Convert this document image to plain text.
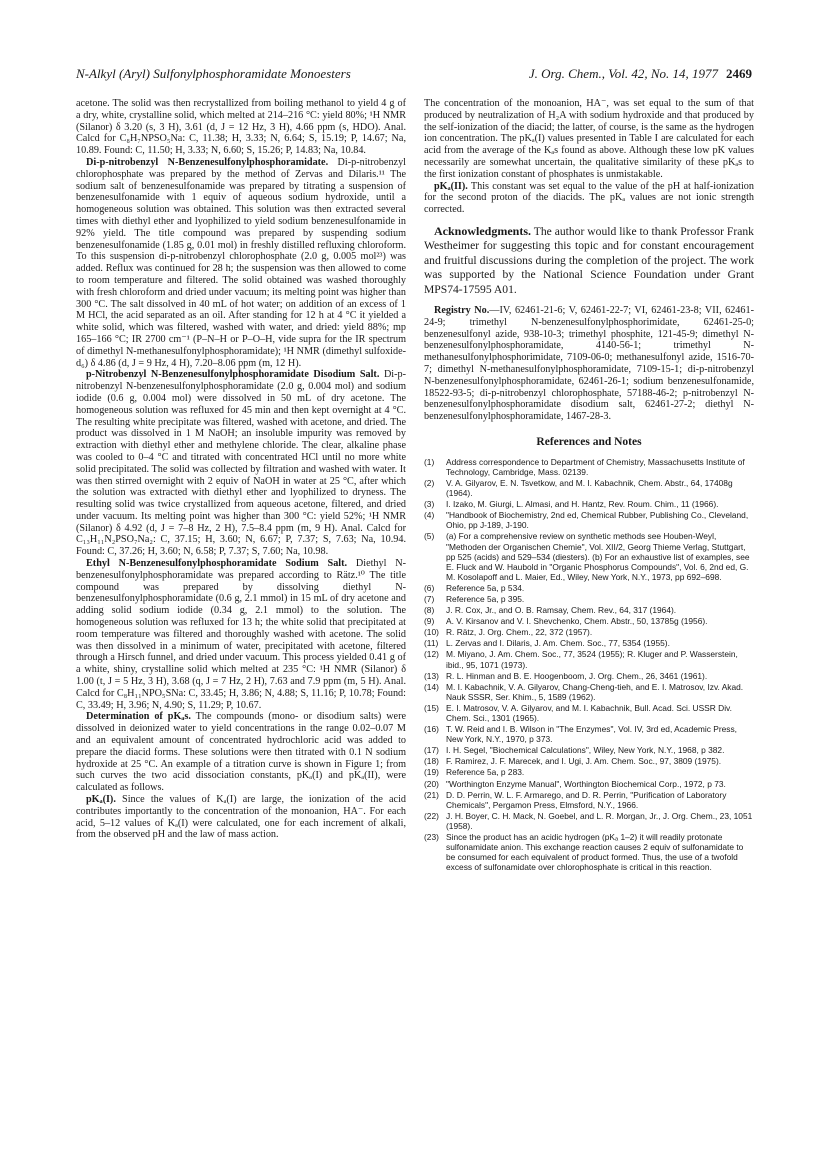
N-Alkyl (Aryl) Sulfonylphosphoramidate Monoesters	J. Org. Chem., Vol. 42, No. 14, 1977 2469

acetone. The solid was then recrystallized from boiling methanol to yield 4 g of a dry, white, crystalline solid, which melted at 214–216 °C: yield 80%; ¹H NMR (Silanor) δ 3.20 (s, 3 H), 3.61 (d, J = 12 Hz, 3 H), 4.66 ppm (s, HDO). Anal. Calcd for C₈H₇NPSO₅Na: C, 11.38; H, 3.33; N, 6.64; S, 15.19; P, 14.67; Na, 10.89. Found: C, 11.50; H, 3.33; N, 6.60; S, 15.26; P, 14.83; Na, 10.84.

Di-p-nitrobenzyl N-Benzenesulfonylphosphoramidate. Di-p-nitrobenzyl chlorophosphate was prepared by the method of Zervas and Dilaris.¹¹ The sodium salt of benzenesulfonamide was prepared by titrating a suspension of benzenesulfonamide with 1 equiv of aqueous sodium hydroxide, until a homogeneous solution was obtained. This solution was then extracted several times with diethyl ether and lyophilized to yield sodium benzenesulfonamide in 92% yield. The title compound was prepared by suspending sodium benzenesulfonamide (1.85 g, 0.01 mol) in freshly distilled refluxing chloroform. To this suspension di-p-nitrobenzyl chlorophosphate (2.0 g, 0.005 mol²³) was added. Reflux was continued for 28 h; the suspension was then allowed to come to room temperature and filtered. The solid obtained was washed thoroughly with fresh chloroform and dried under vacuum; its melting point was higher than 300 °C. The salt dissolved in 40 mL of hot water; on addition of an excess of 1 M HCl, the acid separated as an oil. After standing for 12 h at 4 °C it yielded a white solid, which was filtered, washed with water, and dried: yield 88%; mp 165–166 °C; IR 2700 cm⁻¹ (P–N–H or P–O–H, vide supra for the IR spectrum of dimethyl N-methanesulfonylphosphoramidate); ¹H NMR (dimethyl sulfoxide-d₆) δ 4.86 (d, J = 9 Hz, 4 H), 7.20–8.06 ppm (m, 12 H).

p-Nitrobenzyl N-Benzenesulfonylphosphoramidate Disodium Salt. Di-p-nitrobenzyl N-benzenesulfonylphosphoramidate (2.0 g, 0.004 mol) and sodium iodide (0.6 g, 0.004 mol) were dissolved in 50 mL of dry acetone. The homogeneous solution was refluxed for 45 min and then kept overnight at 4 °C. The resulting white precipitate was filtered, washed with acetone, and dried. The product was dissolved in 1 M NaOH; an insoluble impurity was removed by extraction with diethyl ether and methylene chloride. The clear, alkaline phase was cooled to 0–4 °C and titrated with concentrated HCl until no more white solid precipitated. The solid was collected by filtration and washed with water. It was then stirred overnight with 2 equiv of NaOH in water at 25 °C, after which the solution was extracted with diethyl ether and lyophilized to dryness. The resulting solid was twice crystallized from aqueous acetone, filtered, and dried under vacuum. Its melting point was higher than 300 °C: yield 52%; ¹H NMR (Silanor) δ 4.92 (d, J = 7–8 Hz, 2 H), 7.5–8.4 ppm (m, 9 H). Anal. Calcd for C₁₃H₁₁N₂PSO₇Na₂: C, 37.15; H, 3.60; N, 6.67; P, 7.37; S, 7.63; Na, 10.94. Found: C, 37.26; H, 3.60; N, 6.58; P, 7.37; S, 7.60; Na, 10.98.

Ethyl N-Benzenesulfonylphosphoramidate Sodium Salt. Diethyl N-benzenesulfonylphosphoramidate was prepared according to Rätz.¹⁰ The title compound was prepared by dissolving diethyl N-benzenesulfonylphosphoramidate (0.6 g, 2.1 mmol) in 15 mL of dry acetone and adding solid sodium iodide (0.34 g, 2.1 mmol) to the solution. The homogeneous solution was refluxed for 13 h; the white solid that precipitated at room temperature was filtered and thoroughly washed with acetone. The solid was then dissolved in a minimum of water, precipitated with acetone, filtered through a Hirsch funnel, and dried under vacuum. This process yielded 0.41 g of a white, shiny, crystalline solid which melted at 235 °C: ¹H NMR (Silanor) δ 1.00 (t, J = 5 Hz, 3 H), 3.68 (q, J = 7 Hz, 2 H), 7.63 and 7.9 ppm (m, 5 H). Anal. Calcd for C₈H₁₁NPO₅SNa: C, 33.45; H, 3.86; N, 4.88; S, 11.16; P, 10.78; Found: C, 33.49; H, 3.96; N, 4.90; S, 11.29; P, 10.67.

Determination of pKₐs. The compounds (mono- or disodium salts) were dissolved in deionized water to yield concentrations in the range 0.02–0.07 M and an equivalent amount of concentrated hydrochloric acid was added to prepare the diacid forms. These solutions were then titrated with 0.1 N sodium hydroxide at 25 °C. An example of a titration curve is shown in Figure 1; from such curves the two acid dissociation constants, pKₐ(I) and pKₐ(II), were calculated as follows.

pKₐ(I). Since the values of Kₐ(I) are large, the ionization of the acid contributes importantly to the concentration of the monoanion, HA⁻. For each acid, 5–12 values of Kₐ(I) were calculated, one for each increment of alkali, from the observed pH and the law of mass action.

The concentration of the monoanion, HA⁻, was set equal to the sum of that produced by neutralization of H₂A with sodium hydroxide and that produced by the self-ionization of the diacid; the latter, of course, is the same as the hydrogen ion concentration. The pKₐ(I) values presented in Table I are calculated for each acid from the average of the Kₐs found as above. Although these low pK values necessarily are somewhat uncertain, the qualitative similarity of these pKₐs to the first ionization constant of phosphates is unmistakable.

pKₐ(II). This constant was set equal to the value of the pH at half-ionization for the second proton of the diacids. The pKₐ values are not ionic strength corrected.

Acknowledgments. The author would like to thank Professor Frank Westheimer for suggesting this topic and for constant encouragement and fruitful discussions during the completion of the project. The work was supported by the National Science Foundation under Grant MPS74-17595 A01.

Registry No.—IV, 62461-21-6; V, 62461-22-7; VI, 62461-23-8; VII, 62461-24-9; trimethyl N-benzenesulfonylphosphorimidate, 62461-25-0; benzenesulfonyl azide, 938-10-3; trimethyl phosphite, 121-45-9; dimethyl N-benzenesulfonylphosphoramidate, 4140-56-1; trimethyl N-methanesulfonylphosphorimidate, 7109-06-0; methanesulfonyl azide, 1516-70-7; dimethyl N-methanesulfonylphosphoramidate, 7109-15-1; di-p-nitrobenzyl N-benzenesulfonylphosphoramidate, 62461-26-1; sodium benzenesulfonamide, 18522-93-5; di-p-nitrobenzyl chlorophosphate, 57188-46-2; p-nitrobenzyl N-benzenesulfonylphosphoramidate disodium salt, 62461-27-2; diethyl N-benzenesulfonylphosphoramidate, 1467-28-3.

References and Notes
(1)	Address correspondence to Department of Chemistry, Massachusetts Institute of Technology, Cambridge, Mass. 02139.
(2)	V. A. Gilyarov, E. N. Tsvetkow, and M. I. Kabachnik, Chem. Abstr., 64, 17408g (1964).
(3)	I. Izako, M. Giurgi, L. Almasi, and H. Hantz, Rev. Roum. Chim., 11 (1966).
(4)	"Handbook of Biochemistry, 2nd ed, Chemical Rubber, Publishing Co., Cleveland, Ohio, pp J-189, J-190.
(5)	(a) For a comprehensive review on synthetic methods see Houben-Weyl, "Methoden der Organischen Chemie", Vol. XII/2, Georg Thieme Verlag, Stuttgart, pp 525 (acids) and 529–534 (diesters). (b) For an exhaustive list of examples, see E. Fluck and W. Haubold in "Organic Phosphorus Compounds", Vol. 6, 2nd ed, G. M. Kosolapoff and L. Maier, Ed., Wiley, New York, N.Y., 1973, pp 692–698.
(6)	Reference 5a, p 534.
(7)	Reference 5a, p 395.
(8)	J. R. Cox, Jr., and O. B. Ramsay, Chem. Rev., 64, 317 (1964).
(9)	A. V. Kirsanov and V. I. Shevchenko, Chem. Abstr., 50, 13785g (1956).
(10) R. Rätz, J. Org. Chem., 22, 372 (1957).
(11) L. Zervas and I. Dilaris, J. Am. Chem. Soc., 77, 5354 (1955).
(12) M. Miyano, J. Am. Chem. Soc., 77, 3524 (1955); R. Kluger and P. Wasserstein, ibid., 95, 1071 (1973).
(13) R. L. Hinman and B. E. Hoogenboom, J. Org. Chem., 26, 3461 (1961).
(14) M. I. Kabachnik, V. A. Gilyarov, Chang-Cheng-tieh, and E. I. Matrosov, Izv. Akad. Nauk SSSR, Ser. Khim., 5, 1589 (1962).
(15) E. I. Matrosov, V. A. Gilyarov, and M. I. Kabachnik, Bull. Acad. Sci. USSR Div. Chem. Sci., 1301 (1965).
(16) T. W. Reid and I. B. Wilson in "The Enzymes", Vol. IV, 3rd ed, Academic Press, New York, N.Y., 1970, p 373.
(17) I. H. Segel, "Biochemical Calculations", Wiley, New York, N.Y., 1968, p 382.
(18) F. Ramirez, J. F. Marecek, and I. Ugi, J. Am. Chem. Soc., 97, 3809 (1975).
(19) Reference 5a, p 283.
(20) "Worthington Enzyme Manual", Worthington Biochemical Corp., 1972, p 73.
(21) D. D. Perrin, W. L. F. Armarego, and D. R. Perrin, "Purification of Laboratory Chemicals", Pergamon Press, Elmsford, N.Y., 1966.
(22) J. H. Boyer, C. H. Mack, N. Goebel, and L. R. Morgan, Jr., J. Org. Chem., 23, 1051 (1958).
(23) Since the product has an acidic hydrogen (pKₐ 1–2) it will readily protonate sulfonamidate anion. This exchange reaction causes 2 equiv of sulfonamidate to be consumed for each equivalent of product formed. Thus, the use of a twofold excess of sulfonamidate over chlorophosphate is critical in this reaction.
